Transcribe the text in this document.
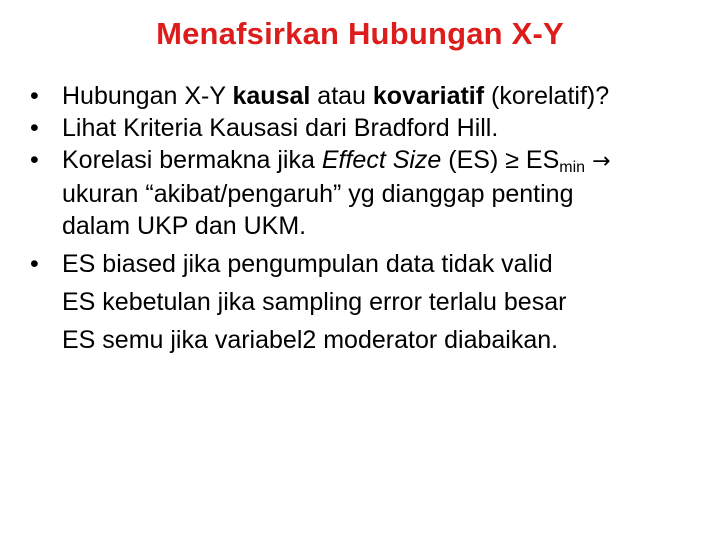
Menafsirkan Hubungan X-Y
• Hubungan X-Y kausal atau kovariatif (korelatif)?
• Lihat Kriteria Kausasi dari Bradford Hill.
• Korelasi bermakna jika Effect Size $(ES) \ge ES_{min}$ →
ukuran “akibat/pengaruh” yg dianggap penting
dalam UKP dan UKM.
• ES biased jika pengumpulan data tidak valid
ES kebetulan jika sampling error terlalu besar
ES semu jika variabel2 moderator diabaikan.
